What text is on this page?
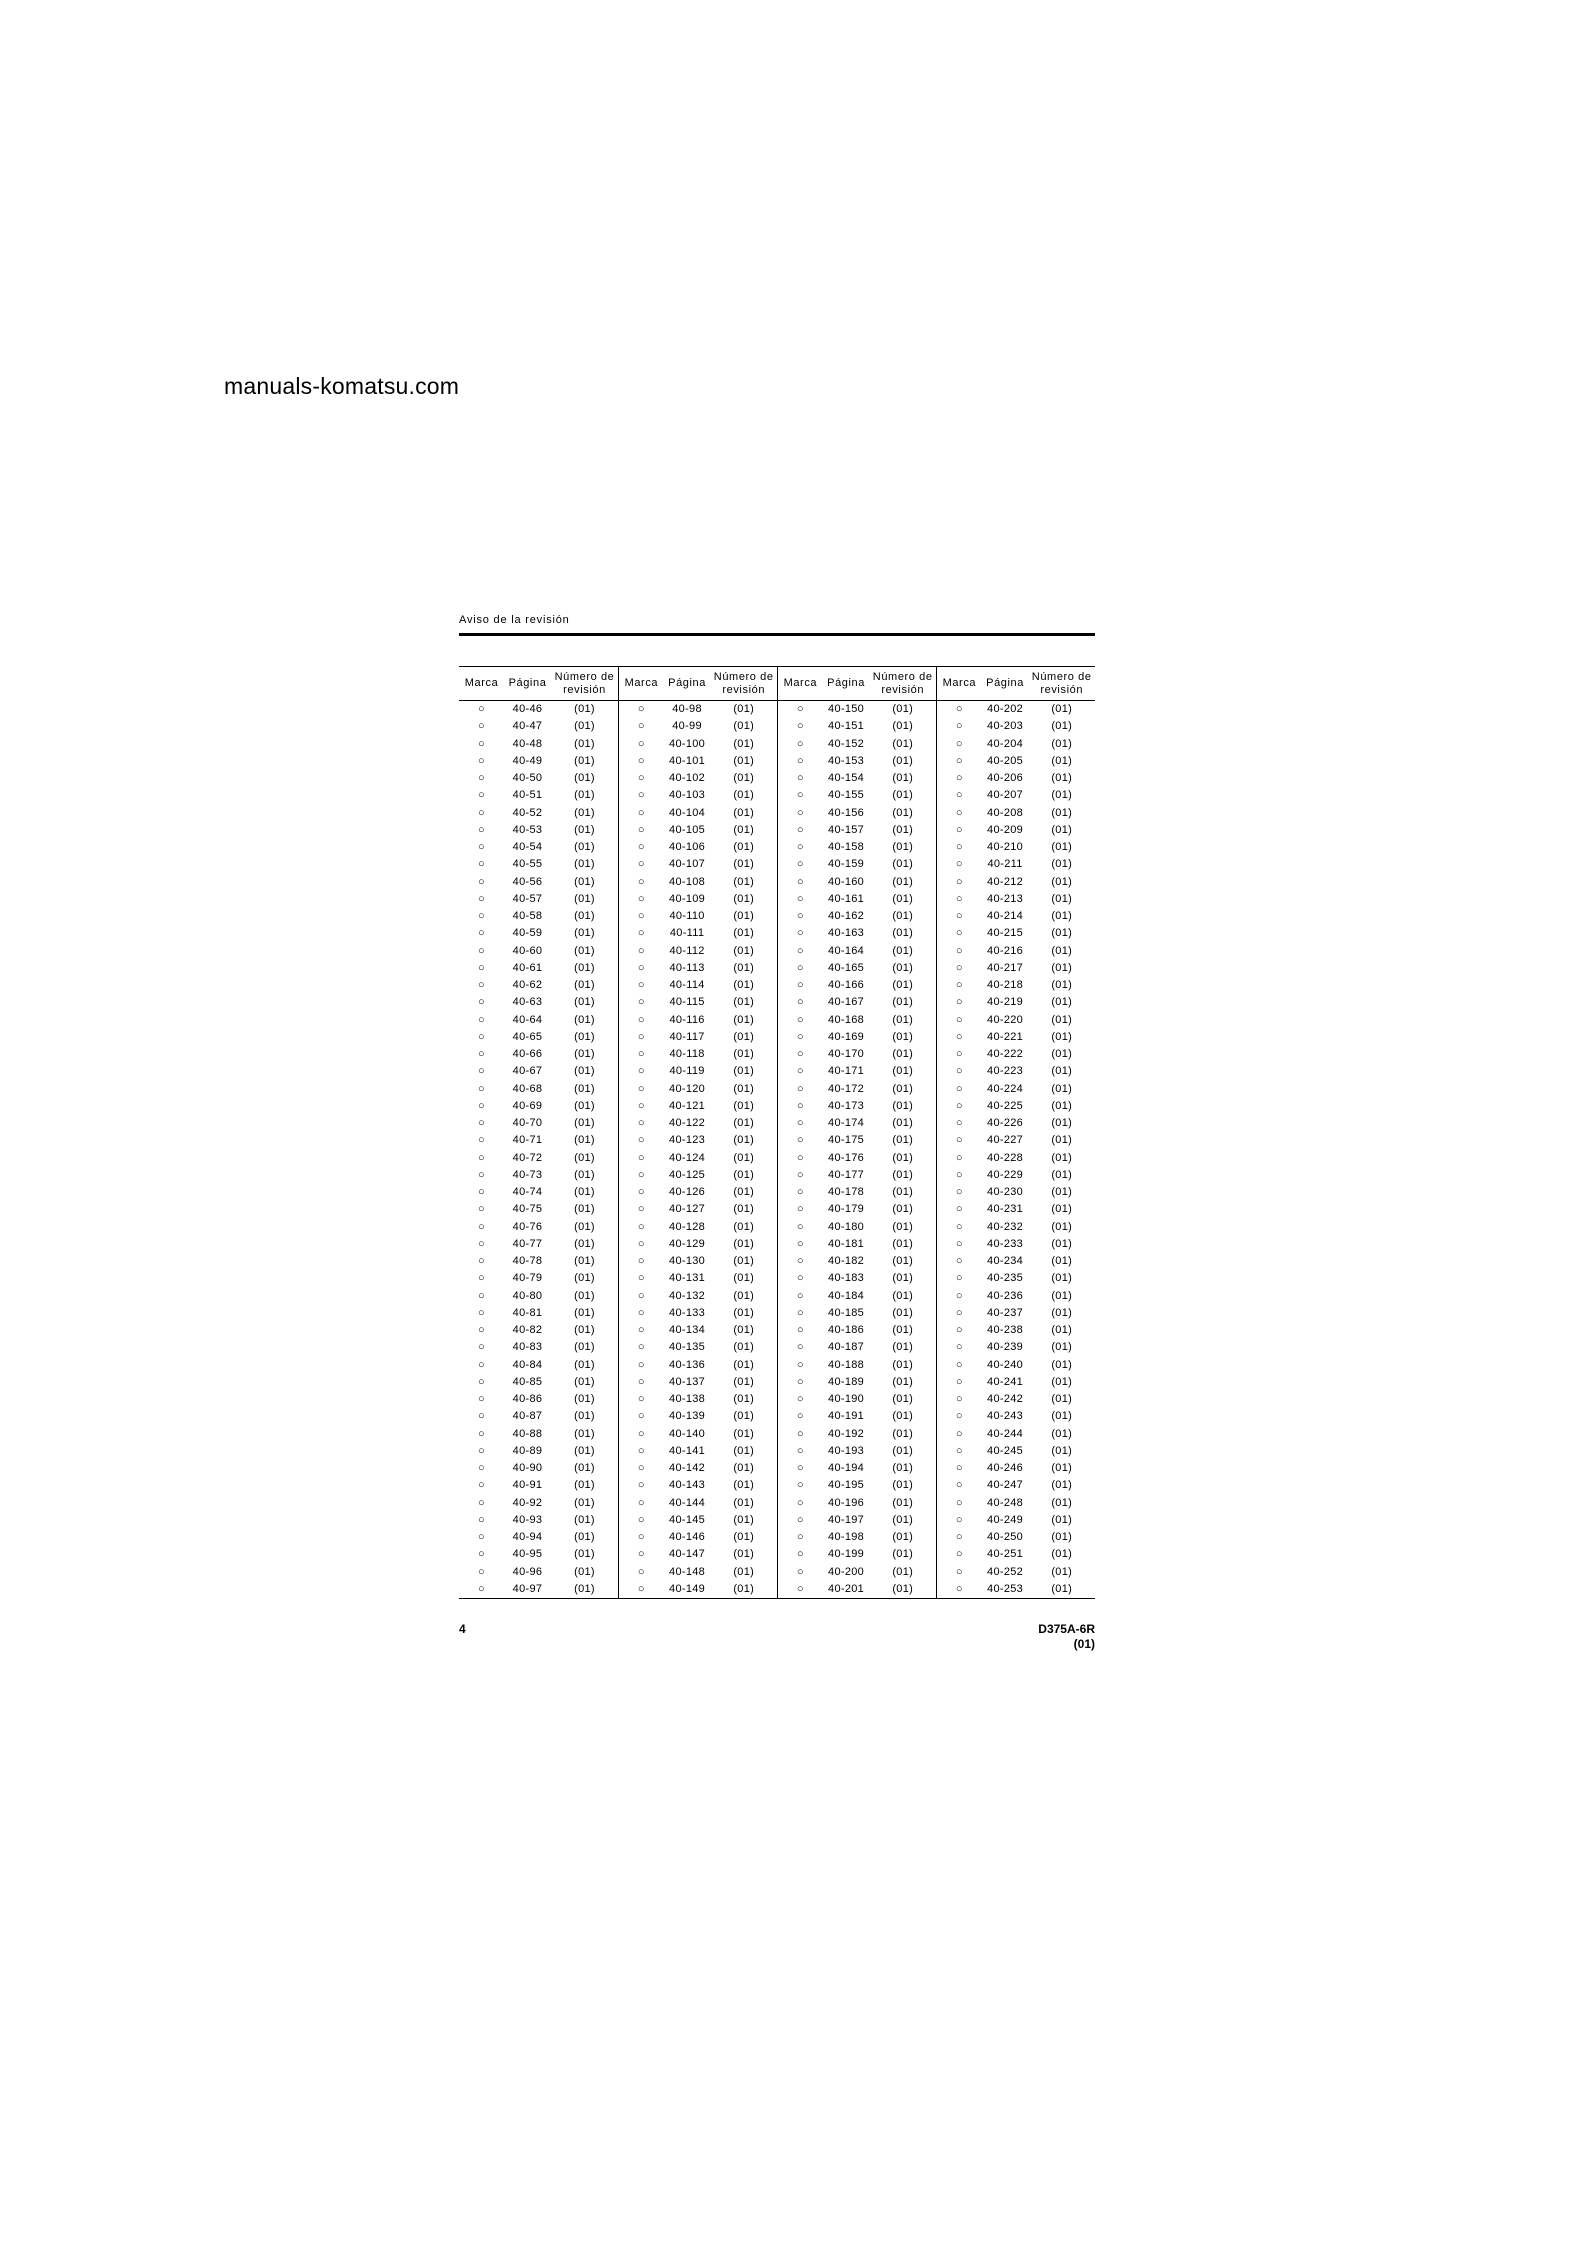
manuals-komatsu.com
Aviso de la revisión
Marca Página
Número de
revisión
○	40-46	(01)
○	40-47	(01)
○	40-48	(01)
○	40-49	(01)
○	40-50	(01)
○	40-51	(01)
○	40-52	(01)
○	40-53	(01)
○	40-54	(01)
○	40-55	(01)
○	40-56	(01)
○	40-57	(01)
○	40-58	(01)
○	40-59	(01)
○	40-60	(01)
○	40-61	(01)
○	40-62	(01)
○	40-63	(01)
○	40-64	(01)
○	40-65	(01)
○	40-66	(01)
○	40-67	(01)
○	40-68	(01)
○	40-69	(01)
○	40-70	(01)
○	40-71	(01)
○	40-72	(01)
○	40-73	(01)
○	40-74	(01)
○	40-75	(01)
○	40-76	(01)
○	40-77	(01)
○	40-78	(01)
○	40-79	(01)
○	40-80	(01)
○	40-81	(01)
○	40-82	(01)
○	40-83	(01)
○	40-84	(01)
○	40-85	(01)
○	40-86	(01)
○	40-87	(01)
○	40-88	(01)
○	40-89	(01)
○	40-90	(01)
○	40-91	(01)
○	40-92	(01)
○	40-93	(01)
○	40-94	(01)
○	40-95	(01)
○	40-96	(01)
○	40-97	(01)
Marca Página
Número de
revisión
○	40-98	(01)
○	40-99	(01)
○	40-100	(01)
○	40-101	(01)
○	40-102	(01)
○	40-103	(01)
○	40-104	(01)
○	40-105	(01)
○	40-106	(01)
○	40-107	(01)
○	40-108	(01)
○	40-109	(01)
○	40-110	(01)
○	40-111	(01)
○	40-112	(01)
○	40-113	(01)
○	40-114	(01)
○	40-115	(01)
○	40-116	(01)
○	40-117	(01)
○	40-118	(01)
○	40-119	(01)
○	40-120	(01)
○	40-121	(01)
○	40-122	(01)
○	40-123	(01)
○	40-124	(01)
○	40-125	(01)
○	40-126	(01)
○	40-127	(01)
○	40-128	(01)
○	40-129	(01)
○	40-130	(01)
○	40-131	(01)
○	40-132	(01)
○	40-133	(01)
○	40-134	(01)
○	40-135	(01)
○	40-136	(01)
○	40-137	(01)
○	40-138	(01)
○	40-139	(01)
○	40-140	(01)
○	40-141	(01)
○	40-142	(01)
○	40-143	(01)
○	40-144	(01)
○	40-145	(01)
○	40-146	(01)
○	40-147	(01)
○	40-148	(01)
○	40-149	(01)
Marca Página
Número de
revisión
○	40-150	(01)
○	40-151	(01)
○	40-152	(01)
○	40-153	(01)
○	40-154	(01)
○	40-155	(01)
○	40-156	(01)
○	40-157	(01)
○	40-158	(01)
○	40-159	(01)
○	40-160	(01)
○	40-161	(01)
○	40-162	(01)
○	40-163	(01)
○	40-164	(01)
○	40-165	(01)
○	40-166	(01)
○	40-167	(01)
○	40-168	(01)
○	40-169	(01)
○	40-170	(01)
○	40-171	(01)
○	40-172	(01)
○	40-173	(01)
○	40-174	(01)
○	40-175	(01)
○	40-176	(01)
○	40-177	(01)
○	40-178	(01)
○	40-179	(01)
○	40-180	(01)
○	40-181	(01)
○	40-182	(01)
○	40-183	(01)
○	40-184	(01)
○	40-185	(01)
○	40-186	(01)
○	40-187	(01)
○	40-188	(01)
○	40-189	(01)
○	40-190	(01)
○	40-191	(01)
○	40-192	(01)
○	40-193	(01)
○	40-194	(01)
○	40-195	(01)
○	40-196	(01)
○	40-197	(01)
○	40-198	(01)
○	40-199	(01)
○	40-200	(01)
○	40-201	(01)
Marca Página
Número de
revisión
○	40-202	(01)
○	40-203	(01)
○	40-204	(01)
○	40-205	(01)
○	40-206	(01)
○	40-207	(01)
○	40-208	(01)
○	40-209	(01)
○	40-210	(01)
○	40-211	(01)
○	40-212	(01)
○	40-213	(01)
○	40-214	(01)
○	40-215	(01)
○	40-216	(01)
○	40-217	(01)
○	40-218	(01)
○	40-219	(01)
○	40-220	(01)
○	40-221	(01)
○	40-222	(01)
○	40-223	(01)
○	40-224	(01)
○	40-225	(01)
○	40-226	(01)
○	40-227	(01)
○	40-228	(01)
○	40-229	(01)
○	40-230	(01)
○	40-231	(01)
○	40-232	(01)
○	40-233	(01)
○	40-234	(01)
○	40-235	(01)
○	40-236	(01)
○	40-237	(01)
○	40-238	(01)
○	40-239	(01)
○	40-240	(01)
○	40-241	(01)
○	40-242	(01)
○	40-243	(01)
○	40-244	(01)
○	40-245	(01)
○	40-246	(01)
○	40-247	(01)
○	40-248	(01)
○	40-249	(01)
○	40-250	(01)
○	40-251	(01)
○	40-252	(01)
○	40-253	(01)
4	D375A-6R
(01)
